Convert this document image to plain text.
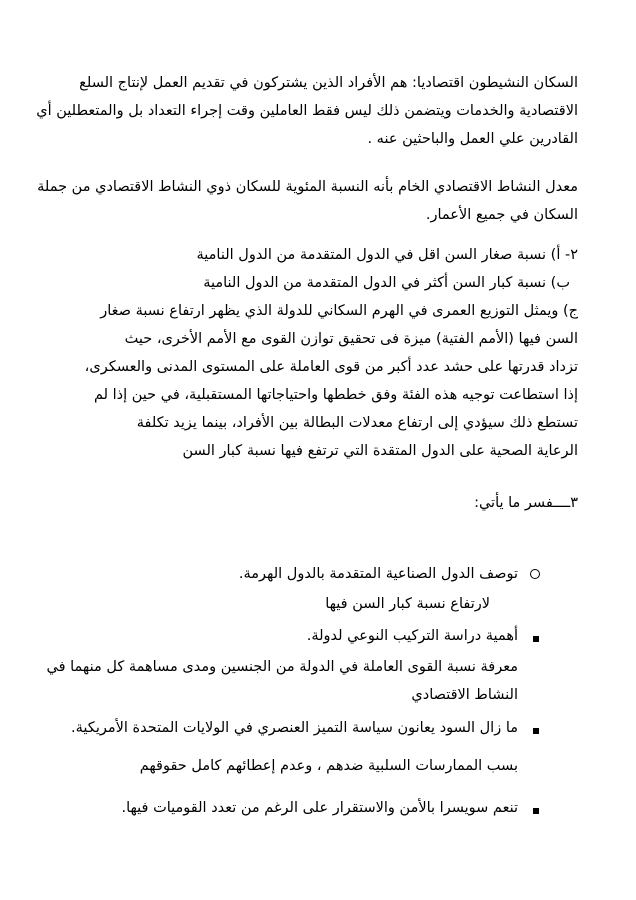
السكان النشيطون اقتصاديا: هم الأفراد الذين يشتركون في تقديم العمل لإنتاج السلع
الاقتصادية والخدمات ويتضمن ذلك ليس فقط العاملين وقت إجراء التعداد بل والمتعطلين أي
القادرين علي العمل والباحثين عنه .
معدل النشاط الاقتصادي الخام بأنه النسبة المئوية للسكان ذوي النشاط الاقتصادي من جملة
السكان في جميع الأعمار.
٢- أ) نسبة صغار السن اقل في الدول المتقدمة من الدول النامية
ب) نسبة كبار السن أكثر في الدول المتقدمة من الدول النامية
ج) ويمثل التوزيع العمرى في الهرم السكاني للدولة الذي يظهر ارتفاع نسبة صغار
السن فيها (الأمم الفتية) ميزة فى تحقيق توازن القوى مع الأمم الأخرى، حيث
تزداد قدرتها على حشد عدد أكبر من قوى العاملة على المستوى المدنى والعسكرى،
إذا استطاعت توجيه هذه الفئة وفق خططها واحتياجاتها المستقبلية، في حين إذا لم
تستطع ذلك سيؤدي إلى ارتفاع معدلات البطالة بين الأفراد، بينما يزيد تكلفة
الرعاية الصحية على الدول المتقدة التي ترتفع فيها نسبة كبار السن
٣ــــفسر ما يأتي:
توصف الدول الصناعية المتقدمة بالدول الهرمة.
لارتفاع نسبة كبار السن فيها
أهمية دراسة التركيب النوعي لدولة.
معرفة نسبة القوى العاملة في الدولة من الجنسين ومدى مساهمة كل منهما في
النشاط الاقتصادي
ما زال السود يعانون سياسة التميز العنصري في الولايات المتحدة الأمريكية.
بسب الممارسات السلبية ضدهم ، وعدم إعطائهم كامل حقوقهم
تنعم سويسرا بالأمن والاستقرار على الرغم من تعدد القوميات فيها.
